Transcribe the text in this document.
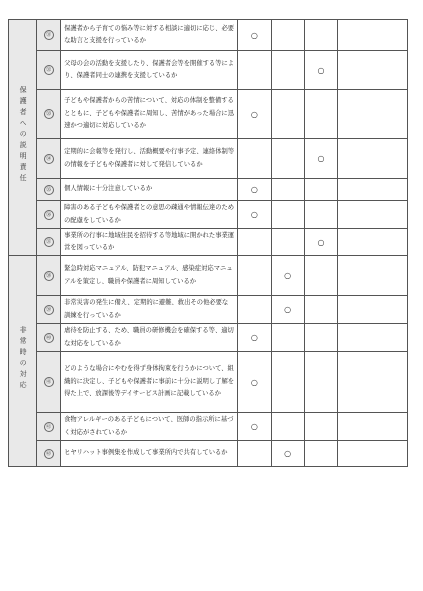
保護者への説明責任	㉛	保護者から子育ての悩み等に対する相談に適切に応じ、必要な助言と支援を行っているか	○			
	㉜	父母の会の活動を支援したり、保護者会等を開催する等により、保護者同士の連携を支援しているか			○	
	㉝	子どもや保護者からの苦情について、対応の体制を整備するとともに、子どもや保護者に周知し、苦情があった場合に迅速かつ適切に対応しているか	○			
	㉞	定期的に会報等を発行し、活動概要や行事予定、連絡体制等の情報を子どもや保護者に対して発信しているか			○	
	㉟	個人情報に十分注意しているか	○			
	㊱	障害のある子どもや保護者との意思の疎通や情報伝達のための配慮をしているか	○			
	㊲	事業所の行事に地域住民を招待する等地域に開かれた事業運営を図っているか			○	
非常時の対応	㊳	緊急時対応マニュアル、防犯マニュアル、感染症対応マニュアルを策定し、職員や保護者に周知しているか		○		
	㊴	非常災害の発生に備え、定期的に避難、救出その他必要な訓練を行っているか		○		
	㊵	虐待を防止する、ため、職員の研修機会を確保する等、適切な対応をしているか	○			
	㊶	どのような場合にやむを得ず身体拘束を行うかについて、組織的に決定し、子どもや保護者に事前に十分に説明し了解を得た上で、放課後等デイサービス計画に記載しているか	○			
	㊷	食物アレルギーのある子どもについて、医師の指示所に基づく対応がされているか	○			
	㊸	ヒヤリハット事例集を作成して事業所内で共有しているか		○		
